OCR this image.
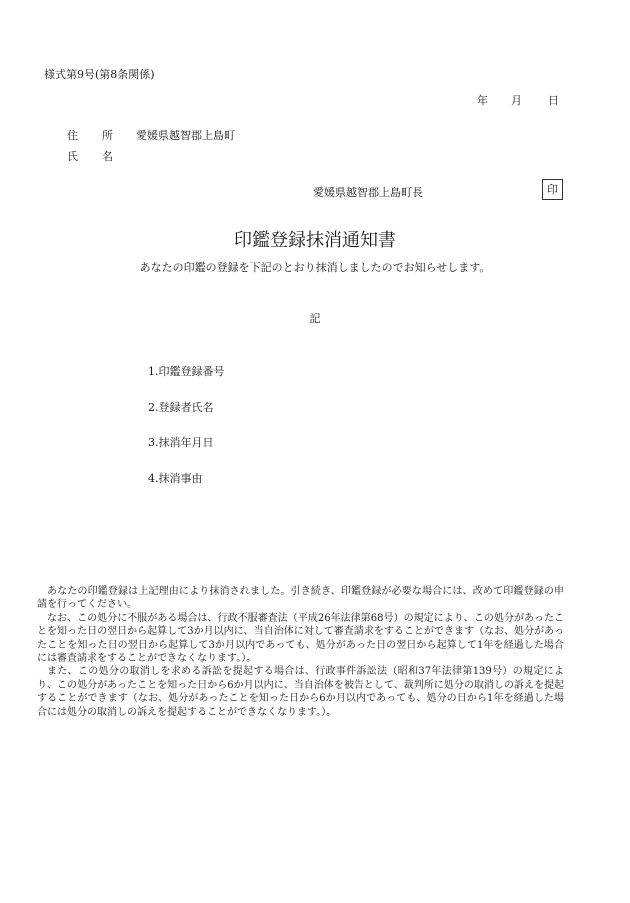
様式第9号(第8条関係)
年 月 日
住 所 愛媛県越智郡上島町
氏 名
愛媛県越智郡上島町長	印
印鑑登録抹消通知書
あなたの印鑑の登録を下記のとおり抹消しましたのでお知らせします。
記
1.印鑑登録番号
2.登録者氏名
3.抹消年月日
4.抹消事由

あなたの印鑑登録は上記理由により抹消されました。引き続き、印鑑登録が必要な場合には、改めて印鑑登録の申請を行ってください。

なお、この処分に不服がある場合は、行政不服審査法（平成26年法律第68号）の規定により、この処分があったことを知った日の翌日から起算して3か月以内に、当自治体に対して審査請求をすることができます（なお、処分があったことを知った日の翌日から起算して3か月以内であっても、処分があった日の翌日から起算して1年を経過した場合には審査請求をすることができなくなります。）。

また、この処分の取消しを求める訴訟を提起する場合は、行政事件訴訟法（昭和37年法律第139号）の規定により、この処分があったことを知った日から6か月以内に、当自治体を被告として、裁判所に処分の取消しの訴えを提起することができます（なお、処分があったことを知った日から6か月以内であっても、処分の日から1年を経過した場合には処分の取消しの訴えを提起することができなくなります。）。
